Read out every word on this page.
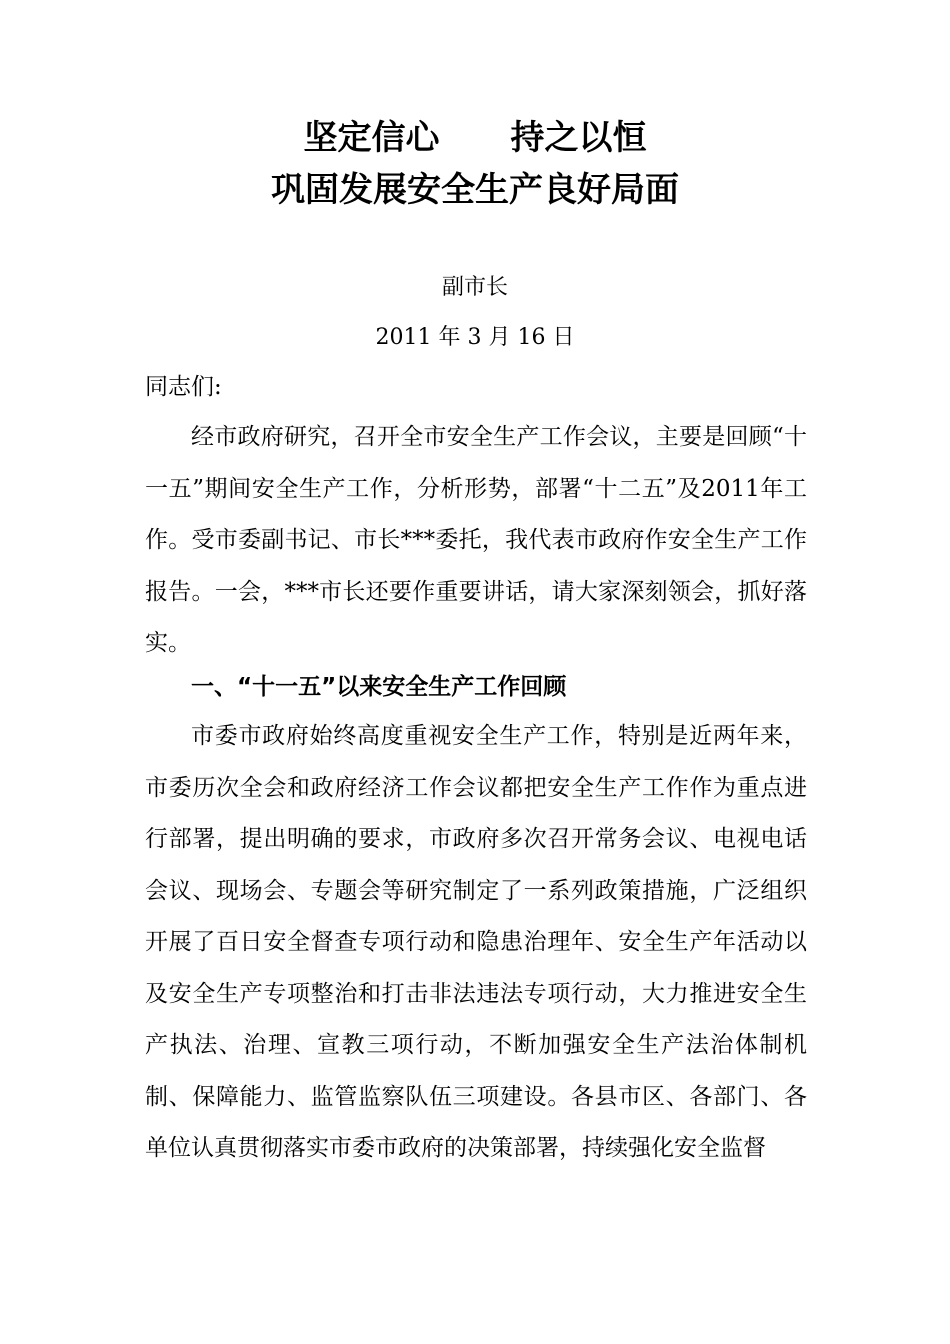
坚定信心      持之以恒
巩固发展安全生产良好局面
副市长
2011 年 3 月 16 日
同志们:

经市政府研究，召开全市安全生产工作会议，主要是回顾“十一五”期间安全生产工作，分析形势，部署“十二五”及2011年工作。受市委副书记、市长***委托，我代表市政府作安全生产工作报告。一会，***市长还要作重要讲话，请大家深刻领会，抓好落实。

一、“十一五”以来安全生产工作回顾

市委市政府始终高度重视安全生产工作，特别是近两年来，市委历次全会和政府经济工作会议都把安全生产工作作为重点进行部署，提出明确的要求，市政府多次召开常务会议、电视电话会议、现场会、专题会等研究制定了一系列政策措施，广泛组织开展了百日安全督查专项行动和隐患治理年、安全生产年活动以及安全生产专项整治和打击非法违法专项行动，大力推进安全生产执法、治理、宣教三项行动，不断加强安全生产法治体制机制、保障能力、监管监察队伍三项建设。各县市区、各部门、各单位认真贯彻落实市委市政府的决策部署，持续强化安全监督
